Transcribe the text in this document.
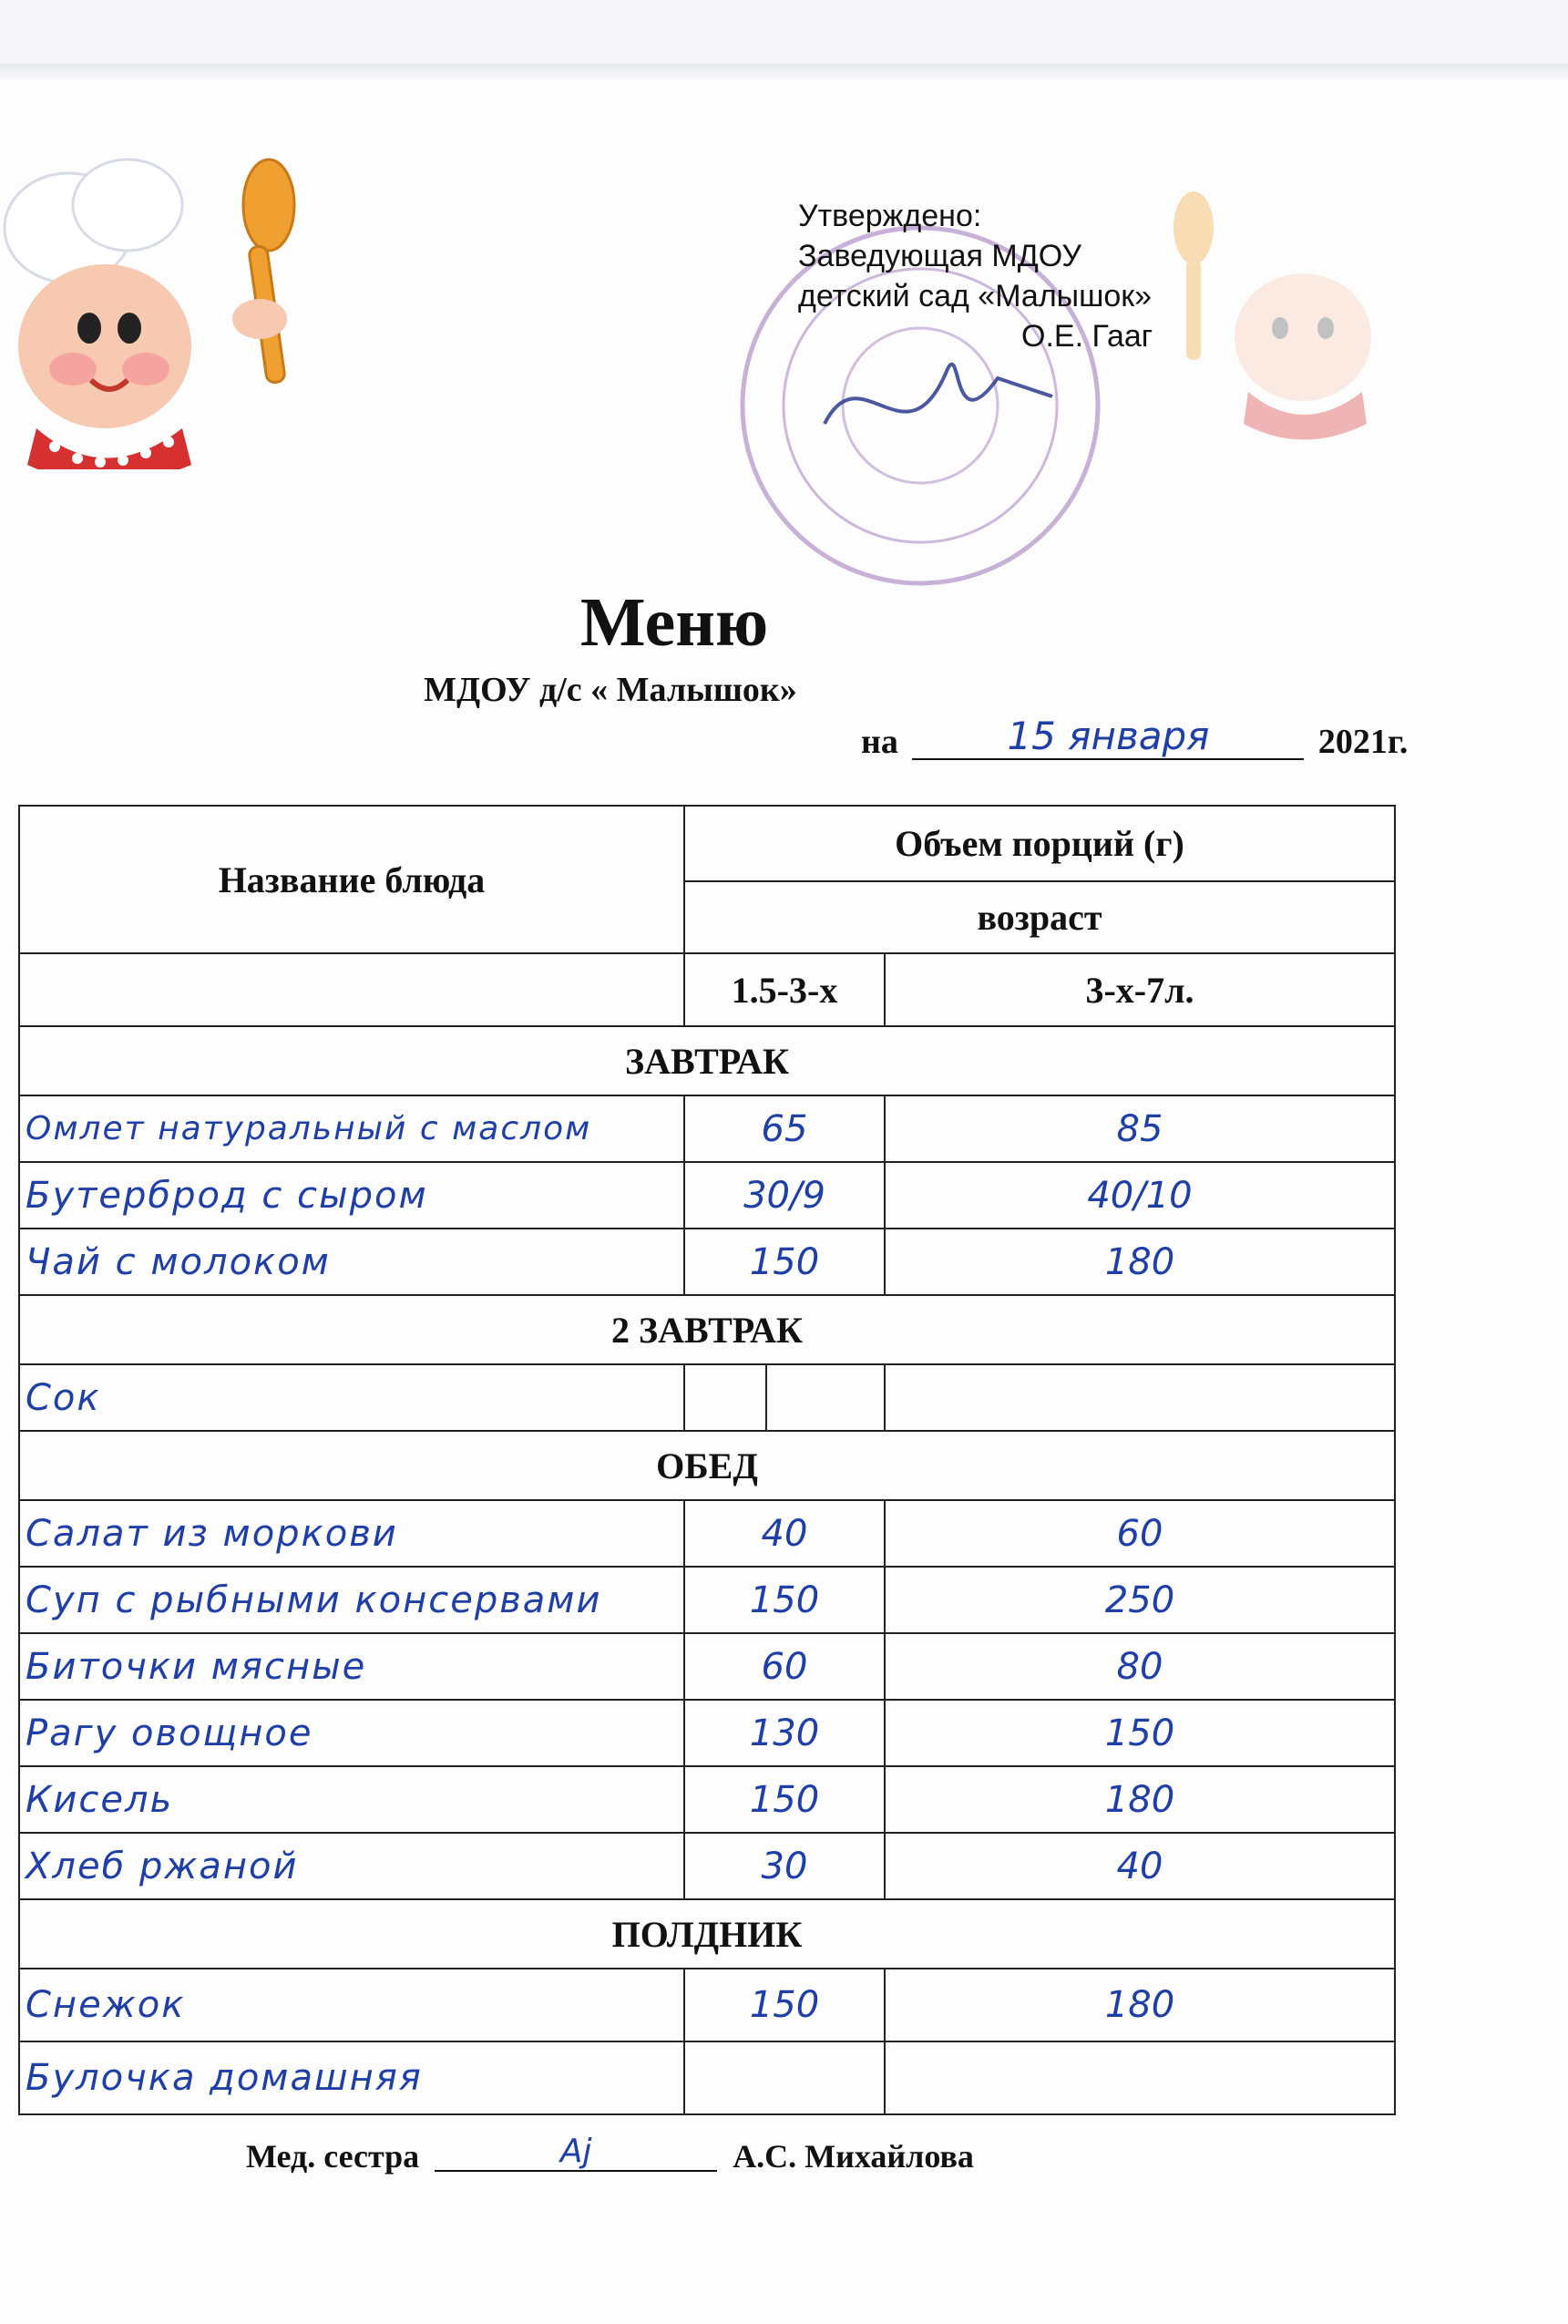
Утверждено:
Заведующая МДОУ
детский сад «Малышок»
О.Е. Гааг
Меню
МДОУ д/с « Малышок»
на	15 января	2021г.
Название блюда	Объем порций (г)		
	возраст		
	1.5-3-х		3-х-7л.
ЗАВТРАК			
Омлет натуральный с маслом	65		85
Бутерброд с сыром	30/9		40/10
Чай с молоком	150		180
2 ЗАВТРАК			
Сок			
ОБЕД			
Салат из моркови	40		60
Суп с рыбными консервами	150		250
Биточки мясные	60		80
Рагу овощное	130		150
Кисель	150		180
Хлеб ржаной	30		40
ПОЛДНИК			
Снежок	150		180
Булочка домашняя			
Мед. сестра	Ај	А.С. Михайлова
